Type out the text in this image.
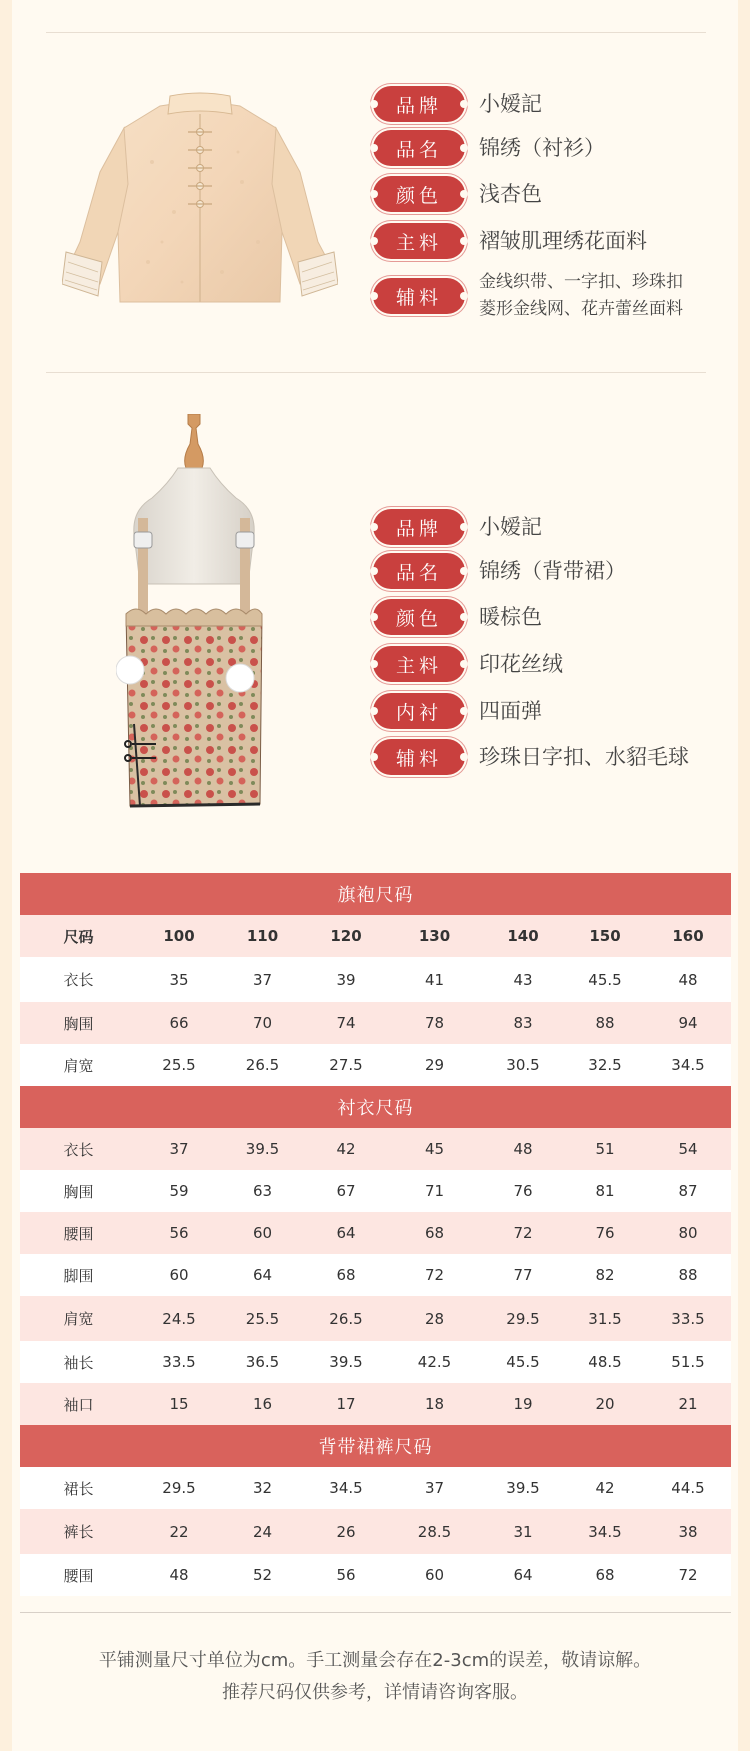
品牌	小嫒記
品名	锦绣（衬衫）
颜色	浅杏色
主料	褶皱肌理绣花面料
辅料
金线织带、一字扣、珍珠扣
菱形金线网、花卉蕾丝面料
品牌	小嫒記
品名	锦绣（背带裙）
颜色	暖棕色
主料	印花丝绒
内衬	四面弹
辅料	珍珠日字扣、水貂毛球
旗袍尺码							
尺码	100	110	120	130	140	150	160
衣长	35	37	39	41	43	45.5	48
胸围	66	70	74	78	83	88	94
肩宽	25.5	26.5	27.5	29	30.5	32.5	34.5
衬衣尺码							
衣长	37	39.5	42	45	48	51	54
胸围	59	63	67	71	76	81	87
腰围	56	60	64	68	72	76	80
脚围	60	64	68	72	77	82	88
肩宽	24.5	25.5	26.5	28	29.5	31.5	33.5
袖长	33.5	36.5	39.5	42.5	45.5	48.5	51.5
袖口	15	16	17	18	19	20	21
背带裙裤尺码							
裙长	29.5	32	34.5	37	39.5	42	44.5
裤长	22	24	26	28.5	31	34.5	38
腰围	48	52	56	60	64	68	72
平铺测量尺寸单位为cm。手工测量会存在2-3cm的误差，敬请谅解。
推荐尺码仅供参考，详情请咨询客服。
